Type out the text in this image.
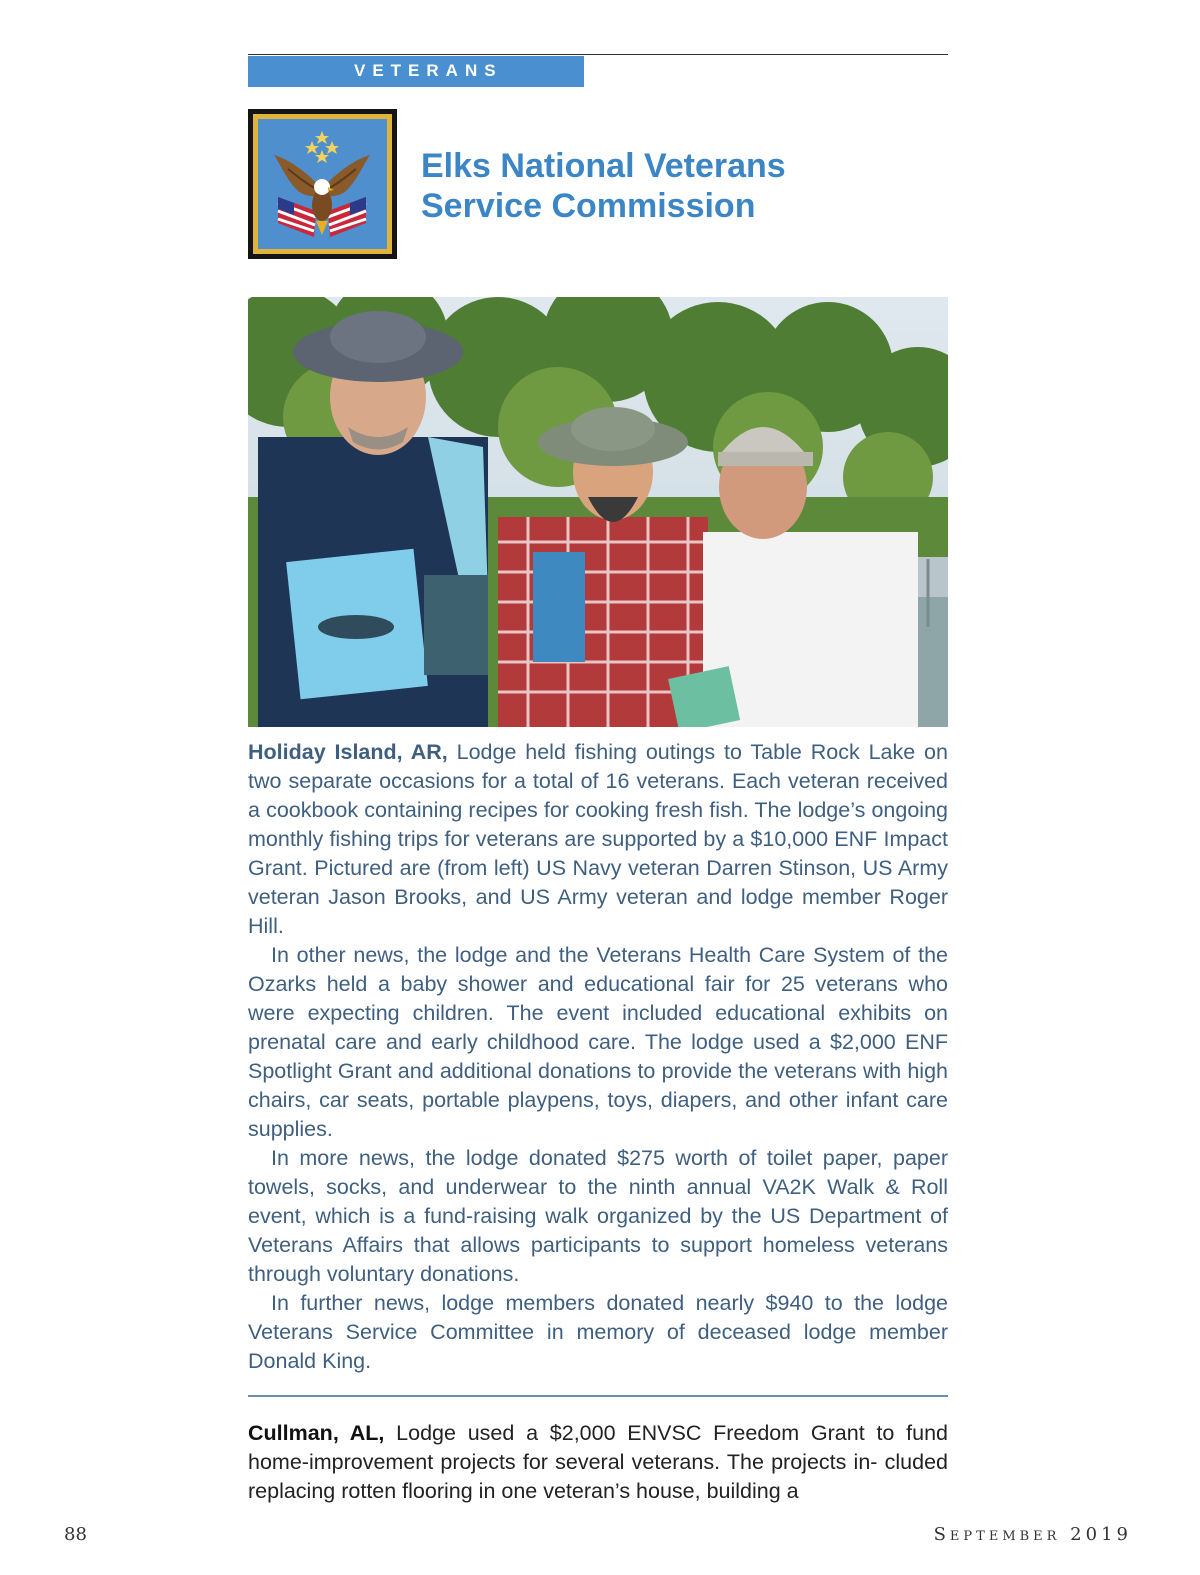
VETERANS
Elks National Veterans
Service Commission

Holiday Island, AR, Lodge held fishing outings to Table Rock Lake on two separate occasions for a total of 16 veterans. Each veteran received a cookbook containing recipes for cooking fresh fish. The lodge’s ongoing monthly fishing trips for veterans are supported by a $10,000 ENF Impact Grant. Pictured are (from left) US Navy veteran Darren Stinson, US Army veteran Jason Brooks, and US Army veteran and lodge member Roger Hill.

In other news, the lodge and the Veterans Health Care System of the Ozarks held a baby shower and educational fair for 25 veterans who were expecting children. The event included educational exhibits on prenatal care and early childhood care. The lodge used a $2,000 ENF Spotlight Grant and additional donations to provide the veterans with high chairs, car seats, portable playpens, toys, diapers, and other infant care supplies.

In more news, the lodge donated $275 worth of toilet paper, paper towels, socks, and underwear to the ninth annual VA2K Walk & Roll event, which is a fund-raising walk organized by the US Department of Veterans Affairs that allows participants to support homeless veterans through voluntary donations.

In further news, lodge members donated nearly $940 to the lodge Veterans Service Committee in memory of deceased lodge member Donald King.

Cullman, AL, Lodge used a $2,000 ENVSC Freedom Grant to fund home-improvement projects for several veterans. The projects in- cluded replacing rotten flooring in one veteran’s house, building a

88	September 2019
